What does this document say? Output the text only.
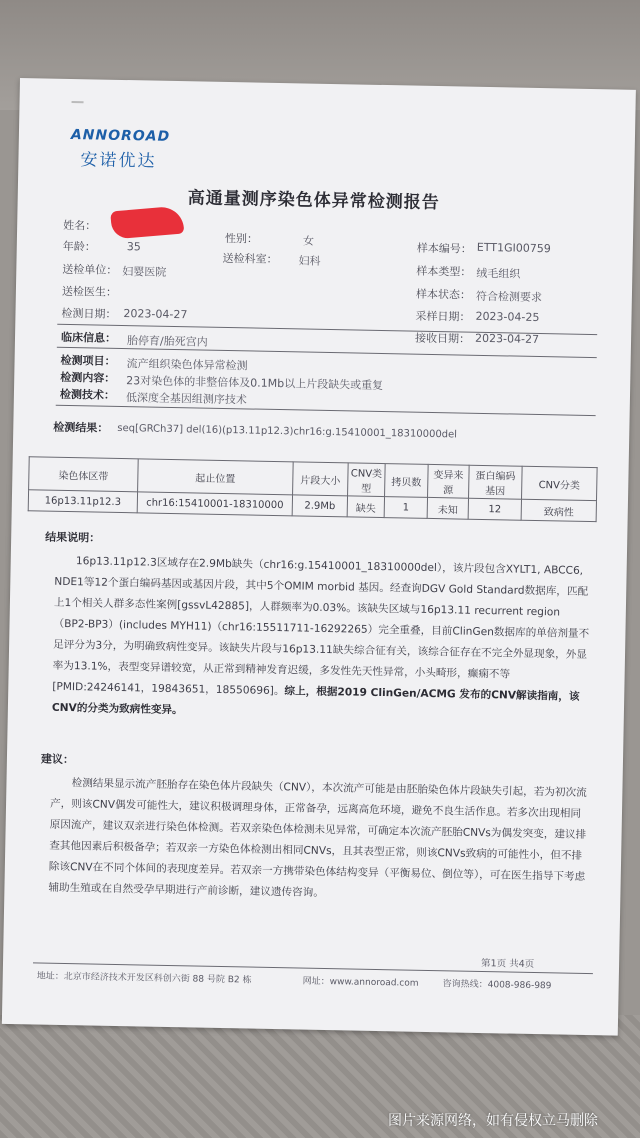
ANNOROAD
安诺优达
高通量测序染色体异常检测报告
姓名：
性别：	女
样本编号： ETT1GI00759
年龄：	35
送检科室： 妇科
样本类型： 绒毛组织
送检单位： 妇婴医院
样本状态： 符合检测要求
送检医生：
采样日期： 2023-04-25
检测日期： 2023-04-27
接收日期： 2023-04-27
临床信息： 胎停育/胎死宫内
检测项目： 流产组织染色体异常检测
检测内容： 23对染色体的非整倍体及0.1Mb以上片段缺失或重复
检测技术： 低深度全基因组测序技术
检测结果： seq[GRCh37] del(16)(p13.11p12.3)chr16:g.15410001_18310000del
染色体区带	起止位置	片段大小	CNV类型	拷贝数	变异来源	蛋白编码基因	CNV分类
16p13.11p12.3	chr16:15410001-18310000	2.9Mb	缺失	1	未知	12	致病性
结果说明：

16p13.11p12.3区域存在2.9Mb缺失（chr16:g.15410001_18310000del），该片段包含XYLT1, ABCC6, NDE1等12个蛋白编码基因或基因片段，其中5个OMIM morbid 基因。经查询DGV Gold Standard数据库，匹配上1个相关人群多态性案例[gssvL42885]，人群频率为0.03%。该缺失区域与16p13.11 recurrent region（BP2-BP3）(includes MYH11)（chr16:15511711-16292265）完全重叠，目前ClinGen数据库的单倍剂量不足评分为3分，为明确致病性变异。该缺失片段与16p13.11缺失综合征有关，该综合征存在不完全外显现象，外显率为13.1%，表型变异谱较宽，从正常到精神发育迟缓，多发性先天性异常，小头畸形，癫痫不等[PMID:24246141，19843651，18550696]。综上，根据2019 ClinGen/ACMG 发布的CNV解读指南，该CNV的分类为致病性变异。

建议：
检测结果显示流产胚胎存在染色体片段缺失（CNV），本次流产可能是由胚胎染色体片段缺失引起，若为初次流产，则该CNV偶发可能性大，建议积极调理身体，正常备孕，远离高危环境，避免不良生活作息。若多次出现相同原因流产，建议双亲进行染色体检测。若双亲染色体检测未见异常，可确定本次流产胚胎CNVs为偶发突变，建议排查其他因素后积极备孕；若双亲一方染色体检测出相同CNVs，且其表型正常，则该CNVs致病的可能性小，但不排除该CNV在不同个体间的表现度差异。若双亲一方携带染色体结构变异（平衡易位、倒位等），可在医生指导下考虑辅助生殖或在自然受孕早期进行产前诊断，建议遗传咨询。
第1页 共4页
地址：北京市经济技术开发区科创六街 88 号院 B2 栋	网址：www.annoroad.com	咨询热线：4008-986-989
图片来源网络，如有侵权立马删除
